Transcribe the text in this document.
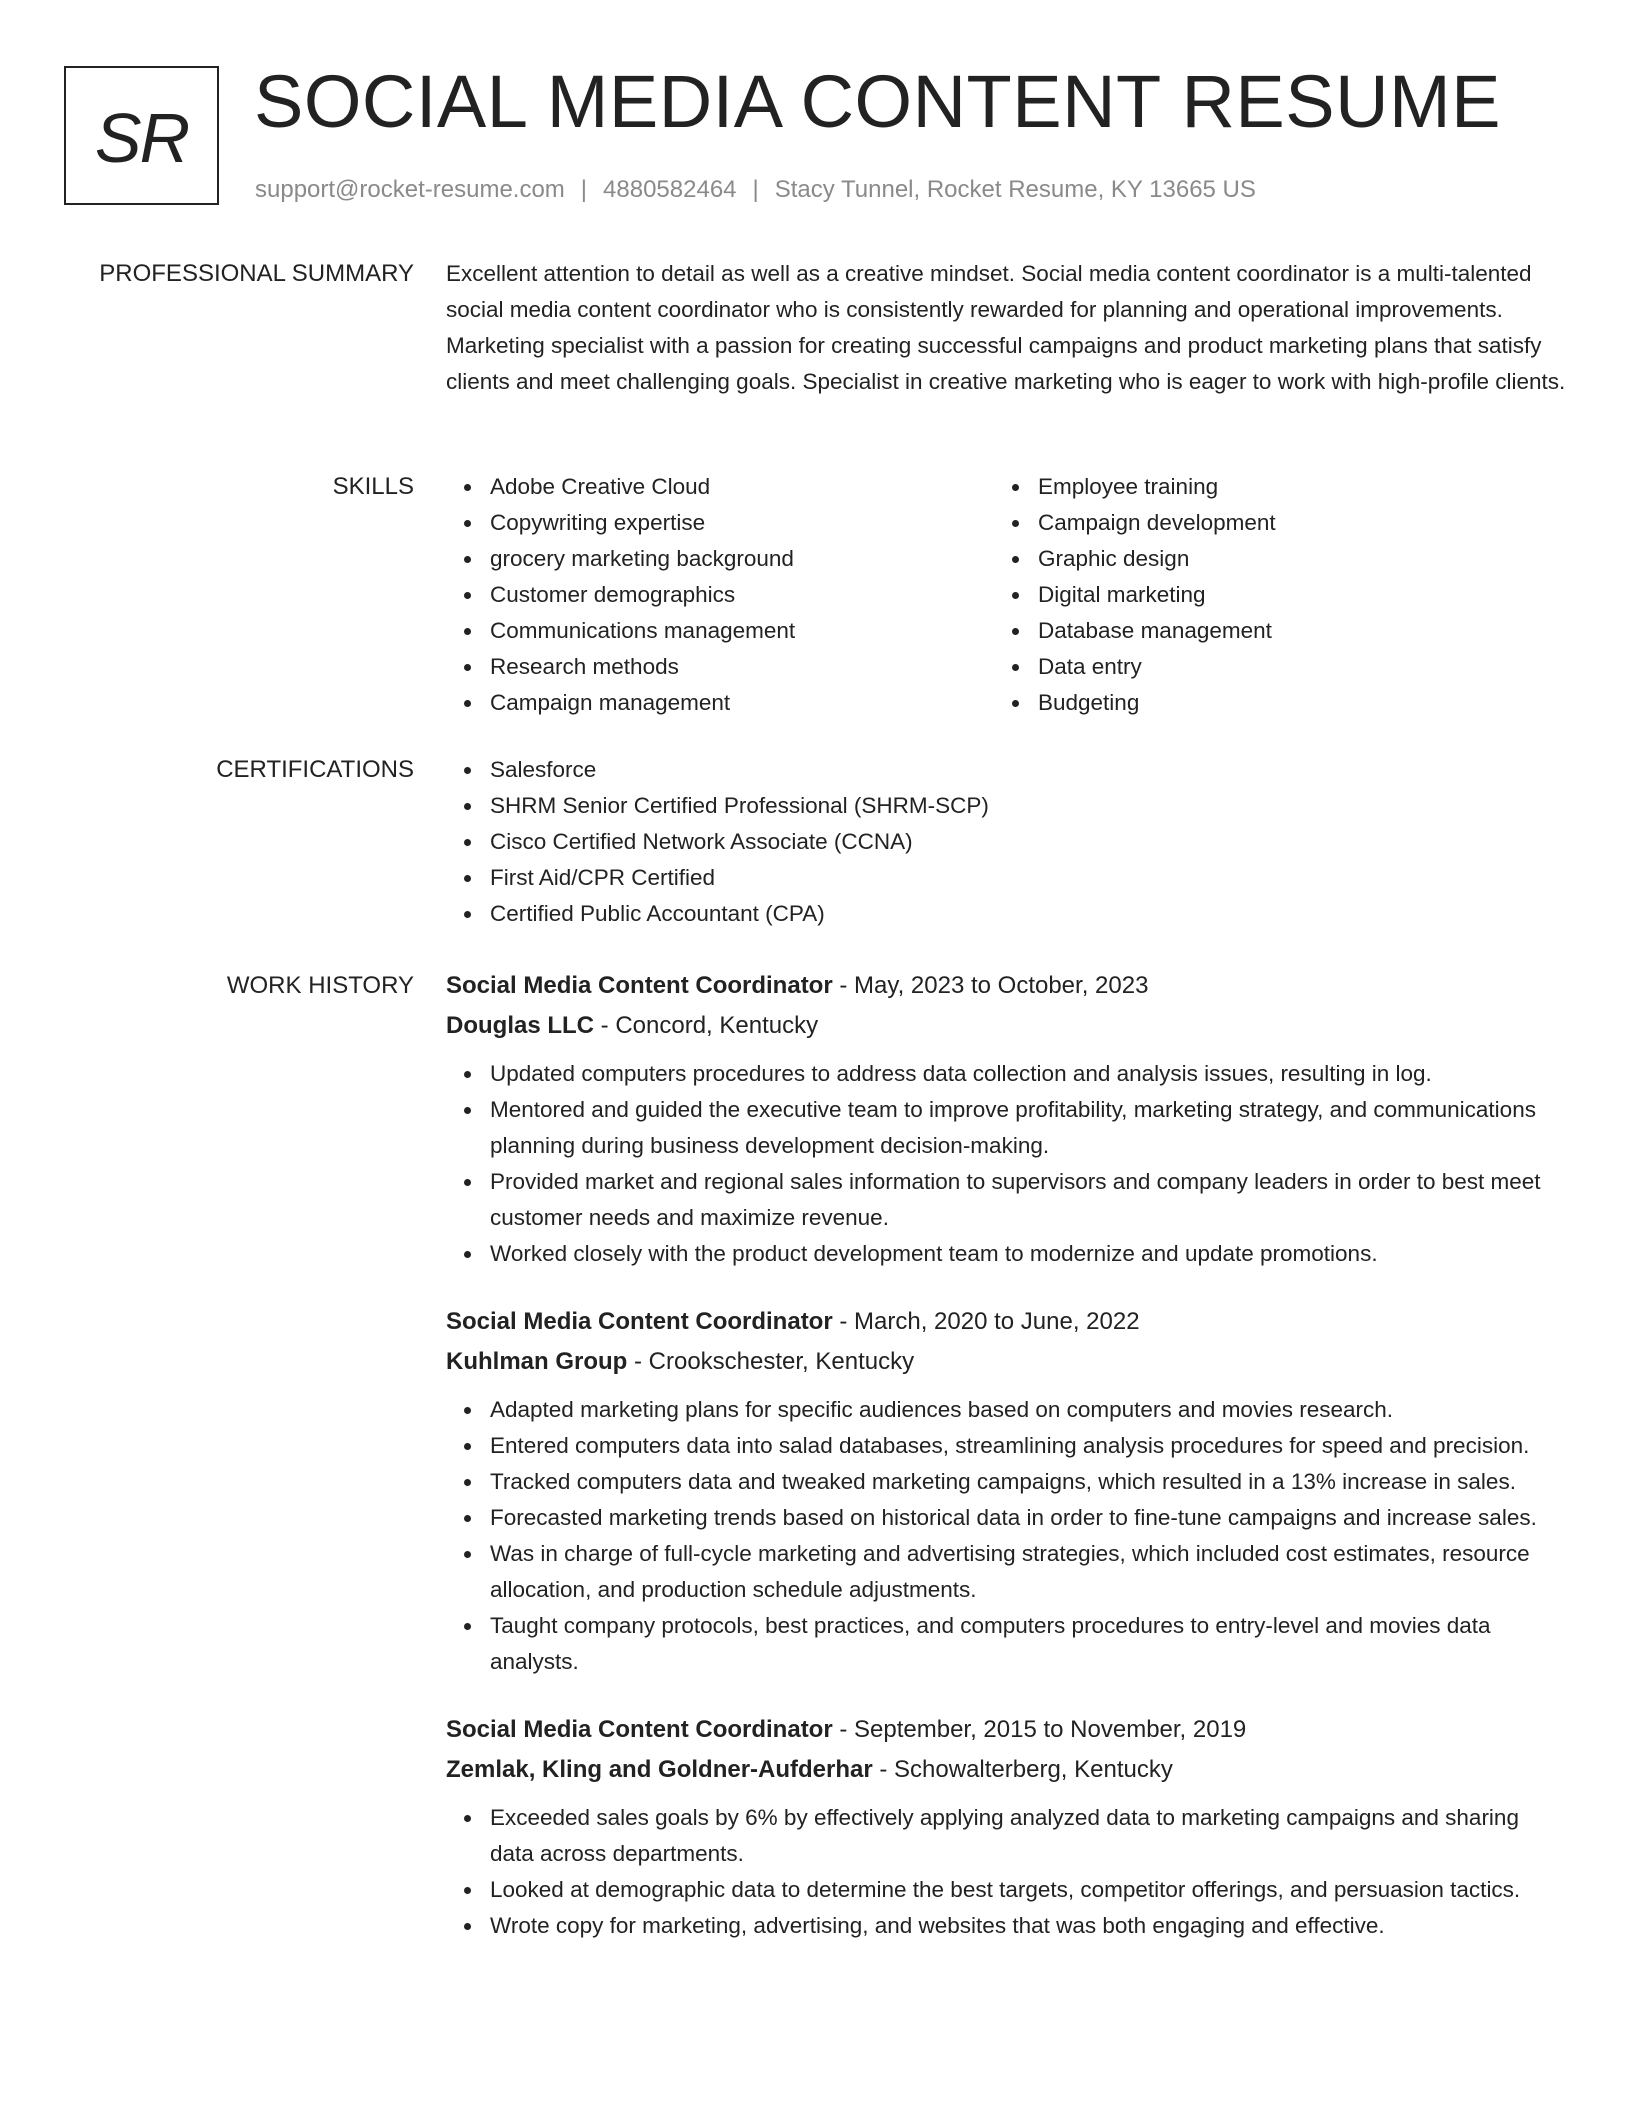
SR SOCIAL MEDIA CONTENT RESUME
support@rocket-resume.com | 4880582464 | Stacy Tunnel, Rocket Resume, KY 13665 US
PROFESSIONAL SUMMARY Excellent attention to detail as well as a creative mindset. Social media content coordinator is a multi-talented social media content coordinator who is consistently rewarded for planning and operational improvements. Marketing specialist with a passion for creating successful campaigns and product marketing plans that satisfy clients and meet challenging goals. Specialist in creative marketing who is eager to work with high-profile clients.

SKILLS	Adobe Creative Cloud
Copywriting expertise
grocery marketing background
Customer demographics
Communications management
Research methods
Campaign management
Employee training
Campaign development
Graphic design
Digital marketing
Database management
Data entry
Budgeting
CERTIFICATIONS	Salesforce
SHRM Senior Certified Professional (SHRM-SCP)
Cisco Certified Network Associate (CCNA)
First Aid/CPR Certified
Certified Public Accountant (CPA)
WORK HISTORY Social Media Content Coordinator - May, 2023 to October, 2023
Douglas LLC - Concord, Kentucky
Updated computers procedures to address data collection and analysis issues, resulting in log.
Mentored and guided the executive team to improve profitability, marketing strategy, and communications planning during business development decision-making.
Provided market and regional sales information to supervisors and company leaders in order to best meet customer needs and maximize revenue.
Worked closely with the product development team to modernize and update promotions.
Social Media Content Coordinator - March, 2020 to June, 2022
Kuhlman Group - Crookschester, Kentucky
Adapted marketing plans for specific audiences based on computers and movies research.
Entered computers data into salad databases, streamlining analysis procedures for speed and precision.
Tracked computers data and tweaked marketing campaigns, which resulted in a 13% increase in sales.
Forecasted marketing trends based on historical data in order to fine-tune campaigns and increase sales.
Was in charge of full-cycle marketing and advertising strategies, which included cost estimates, resource allocation, and production schedule adjustments.
Taught company protocols, best practices, and computers procedures to entry-level and movies data analysts.
Social Media Content Coordinator - September, 2015 to November, 2019
Zemlak, Kling and Goldner-Aufderhar - Schowalterberg, Kentucky
Exceeded sales goals by 6% by effectively applying analyzed data to marketing campaigns and sharing data across departments.
Looked at demographic data to determine the best targets, competitor offerings, and persuasion tactics.
Wrote copy for marketing, advertising, and websites that was both engaging and effective.
